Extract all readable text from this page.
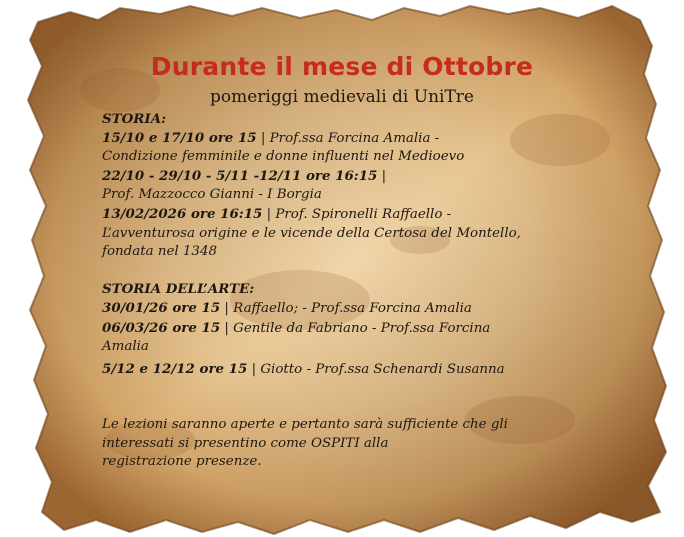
Durante il mese di Ottobre
pomeriggi medievali di UniTre
STORIA:
15/10 e 17/10 ore 15 | Prof.ssa Forcina Amalia -
Condizione femminile e donne influenti nel Medioevo
22/10 - 29/10 - 5/11 -12/11 ore 16:15 |
Prof. Mazzocco Gianni - I Borgia
13/02/2026 ore 16:15 | Prof. Spironelli Raffaello -
L’avventurosa origine e le vicende della Certosa del Montello,
fondata nel 1348
STORIA DELL’ARTE:
30/01/26 ore 15 | Raffaello; - Prof.ssa Forcina Amalia
06/03/26 ore 15 | Gentile da Fabriano - Prof.ssa Forcina
Amalia
5/12 e 12/12 ore 15 | Giotto - Prof.ssa Schenardi Susanna
Le lezioni saranno aperte e pertanto sarà sufficiente che gli
interessati si presentino come OSPITI alla
registrazione presenze.
